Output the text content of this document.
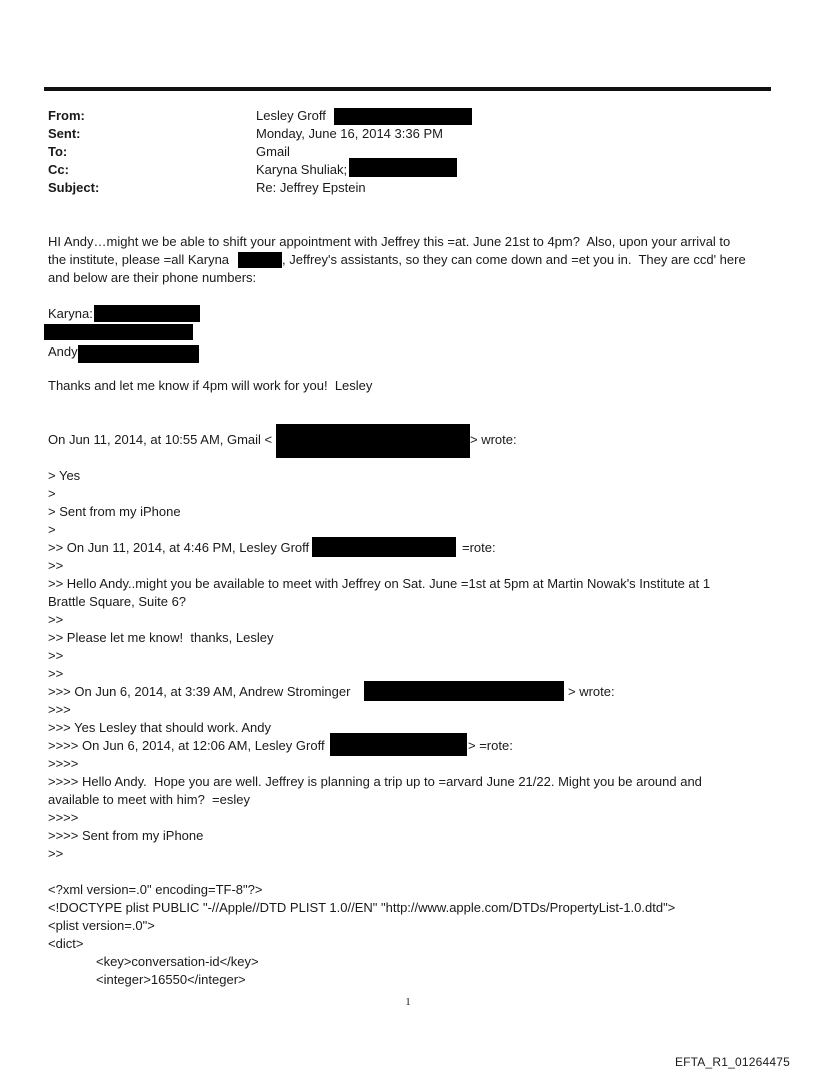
From:	Lesley Groff
Sent:	Monday, June 16, 2014 3:36 PM
To:	Gmail
Cc:	Karyna Shuliak;
Subject:	Re: Jeffrey Epstein
HI Andy…might we be able to shift your appointment with Jeffrey this =at. June 21st to 4pm?  Also, upon your arrival to
the institute, please =all Karyna	, Jeffrey's assistants, so they can come down and =et you in.  They are ccd' here
and below are their phone numbers:
Karyna:
Andy
Thanks and let me know if 4pm will work for you!  Lesley
On Jun 11, 2014, at 10:55 AM, Gmail <	> wrote:
> Yes
>
> Sent from my iPhone
>
>> On Jun 11, 2014, at 4:46 PM, Lesley Groff	=rote:
>>
>> Hello Andy..might you be available to meet with Jeffrey on Sat. June =1st at 5pm at Martin Nowak's Institute at 1
Brattle Square, Suite 6?
>>
>> Please let me know!  thanks, Lesley
>>
>>
>>> On Jun 6, 2014, at 3:39 AM, Andrew Strominger	> wrote:
>>>
>>> Yes Lesley that should work. Andy
>>>> On Jun 6, 2014, at 12:06 AM, Lesley Groff	> =rote:
>>>>
>>>> Hello Andy.  Hope you are well. Jeffrey is planning a trip up to =arvard June 21/22. Might you be around and
available to meet with him?  =esley
>>>>
>>>> Sent from my iPhone
>>
<?xml version=.0" encoding=TF-8"?>
<!DOCTYPE plist PUBLIC "-//Apple//DTD PLIST 1.0//EN" "http://www.apple.com/DTDs/PropertyList-1.0.dtd">
<plist version=.0">
<dict>
<key>conversation-id</key>
<integer>16550</integer>
1
EFTA_R1_01264475
